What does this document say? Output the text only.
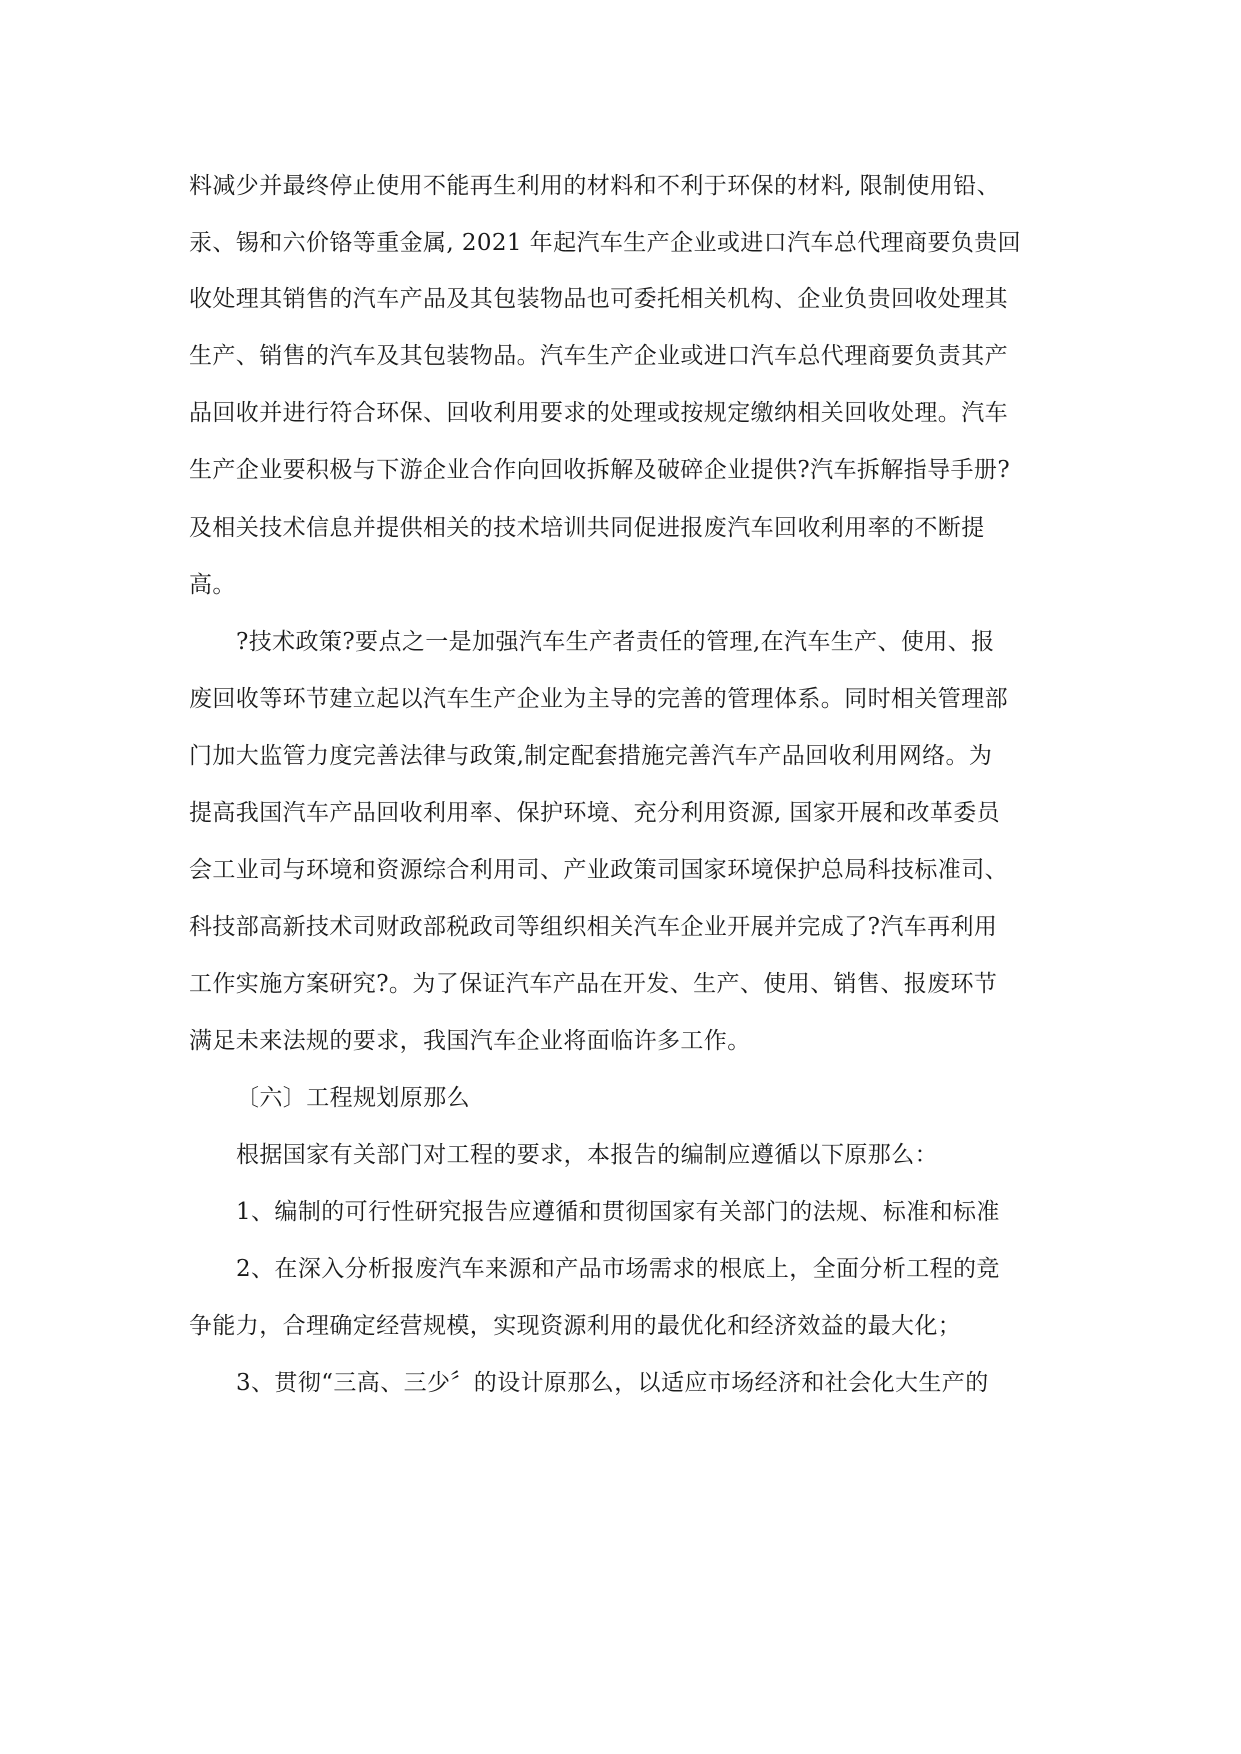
料减少并最终停止使用不能再生利用的材料和不利于环保的材料, 限制使用铅、
汞、锡和六价铬等重金属, 2021 年起汽车生产企业或进口汽车总代理商要负贵回
收处理其销售的汽车产品及其包装物品也可委托相关机构、企业负贵回收处理其
生产、销售的汽车及其包装物品。汽车生产企业或进口汽车总代理商要负责其产
品回收并进行符合环保、回收利用要求的处理或按规定缴纳相关回收处理。汽车
生产企业要积极与下游企业合作向回收拆解及破碎企业提供?汽车拆解指导手册?
及相关技术信息并提供相关的技术培训共同促进报废汽车回收利用率的不断提
高。
?技术政策?要点之一是加强汽车生产者责任的管理,在汽车生产、使用、报
废回收等环节建立起以汽车生产企业为主导的完善的管理体系。同时相关管理部
门加大监管力度完善法律与政策,制定配套措施完善汽车产品回收利用网络。为
提高我国汽车产品回收利用率、保护环境、充分利用资源, 国家开展和改革委员
会工业司与环境和资源综合利用司、产业政策司国家环境保护总局科技标准司、
科技部高新技术司财政部税政司等组织相关汽车企业开展并完成了?汽车再利用
工作实施方案研究?。为了保证汽车产品在开发、生产、使用、销售、报废环节
满足未来法规的要求，我国汽车企业将面临许多工作。
〔六〕工程规划原那么
根据国家有关部门对工程的要求，本报告的编制应遵循以下原那么：
1、编制的可行性研究报告应遵循和贯彻国家有关部门的法规、标准和标准
2、在深入分析报废汽车来源和产品市场需求的根底上，全面分析工程的竞
争能力，合理确定经营规模，实现资源利用的最优化和经济效益的最大化；
3、贯彻“三高、三少〞的设计原那么，以适应市场经济和社会化大生产的
